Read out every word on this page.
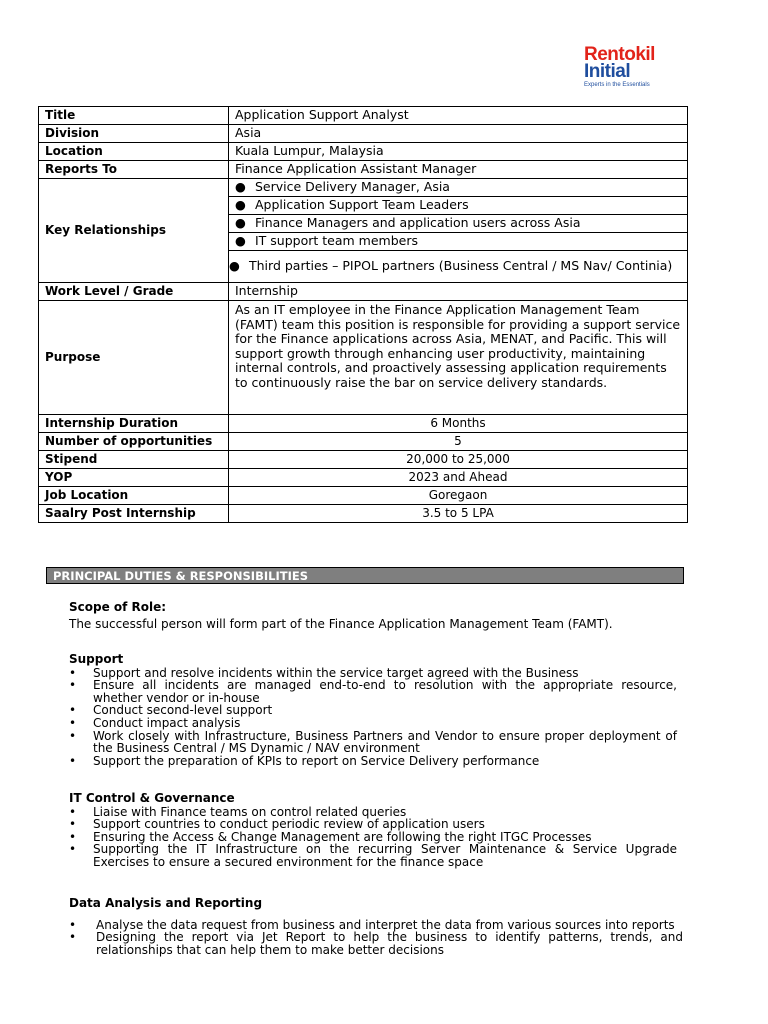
Rentokil
Initial
Experts in the Essentials
Title	Application Support Analyst
Division	Asia
Location	Kuala Lumpur, Malaysia
Reports To	Finance Application Assistant Manager
Key Relationships	● Service Delivery Manager, Asia
	● Application Support Team Leaders
	● Finance Managers and application users across Asia
	● IT support team members
	● Third parties – PIPOL partners (Business Central / MS Nav/ Continia)
Work Level / Grade	Internship
Purpose	As an IT employee in the Finance Application Management Team (FAMT) team this position is responsible for providing a support service for the Finance applications across Asia, MENAT, and Pacific. This will support growth through enhancing user productivity, maintaining internal controls, and proactively assessing application requirements to continuously raise the bar on service delivery standards.
Internship Duration	6 Months
Number of opportunities	5
Stipend	20,000 to 25,000
YOP	2023 and Ahead
Job Location	Goregaon
Saalry Post Internship	3.5 to 5 LPA
PRINCIPAL DUTIES & RESPONSIBILITIES
Scope of Role:
The successful person will form part of the Finance Application Management Team (FAMT).
Support
• Support and resolve incidents within the service target agreed with the Business
• Ensure all incidents are managed end-to-end to resolution with the appropriate resource, whether vendor or in-house
• Conduct second-level support
• Conduct impact analysis
• Work closely with Infrastructure, Business Partners and Vendor to ensure proper deployment of the Business Central / MS Dynamic / NAV environment
• Support the preparation of KPIs to report on Service Delivery performance
IT Control & Governance
• Liaise with Finance teams on control related queries
• Support countries to conduct periodic review of application users
• Ensuring the Access & Change Management are following the right ITGC Processes
• Supporting the IT Infrastructure on the recurring Server Maintenance & Service Upgrade Exercises to ensure a secured environment for the finance space
Data Analysis and Reporting
• Analyse the data request from business and interpret the data from various sources into reports
• Designing the report via Jet Report to help the business to identify patterns, trends, and relationships that can help them to make better decisions
